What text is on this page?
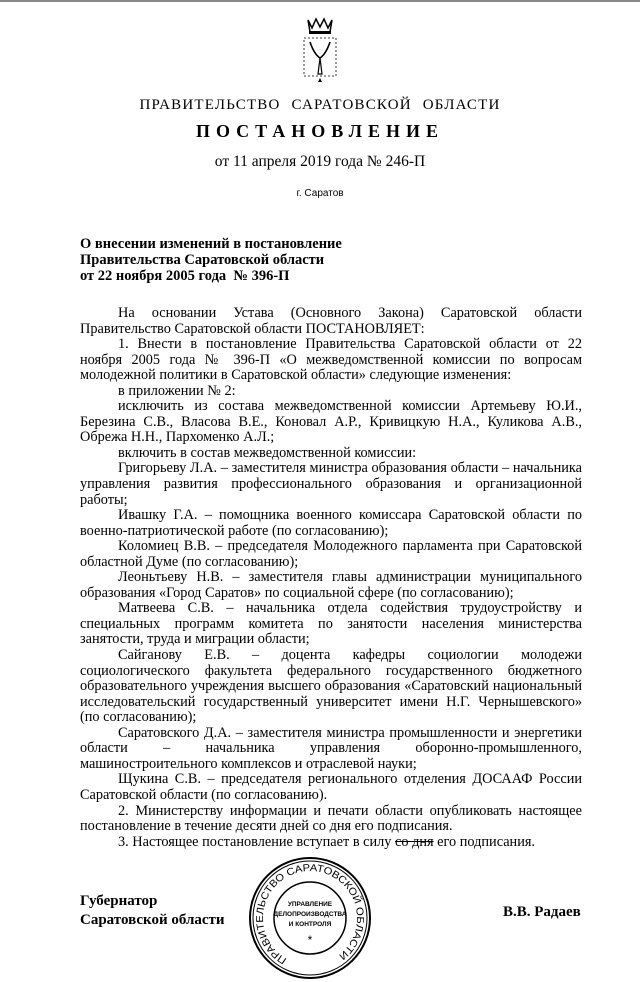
ПРАВИТЕЛЬСТВО САРАТОВСКОЙ ОБЛАСТИ
ПОСТАНОВЛЕНИЕ
от 11 апреля 2019 года № 246-П
г. Саратов
О внесении изменений в постановление
Правительства Саратовской области
от 22 ноября 2005 года  № 396-П

На основании Устава (Основного Закона) Саратовской области Правительство Саратовской области ПОСТАНОВЛЯЕТ:

1. Внести в постановление Правительства Саратовской области от 22 ноября 2005 года № 396-П «О межведомственной комиссии по вопросам молодежной политики в Саратовской области» следующие изменения:

в приложении № 2:

исключить из состава межведомственной комиссии Артемьеву Ю.И., Березина С.В., Власова В.Е., Коновал А.Р., Кривицкую Н.А., Куликова А.В., Обрежа Н.Н., Пархоменко А.Л.;

включить в состав межведомственной комиссии:

Григорьеву Л.А. – заместителя министра образования области – начальника управления развития профессионального образования и организационной работы;

Ивашку Г.А. – помощника военного комиссара Саратовской области по военно-патриотической работе (по согласованию);

Коломиец В.В. – председателя Молодежного парламента при Саратовской областной Думе (по согласованию);

Леоньтьеву Н.В. – заместителя главы администрации муниципального образования «Город Саратов» по социальной сфере (по согласованию);

Матвеева С.В. – начальника отдела содействия трудоустройству и специальных программ комитета по занятости населения министерства занятости, труда и миграции области;

Сайганову Е.В. – доцента кафедры социологии молодежи социологического факультета федерального государственного бюджетного образовательного учреждения высшего образования «Саратовский национальный исследовательский государственный университет имени Н.Г. Чернышевского» (по согласованию);

Саратовского Д.А. – заместителя министра промышленности и энергетики области – начальника управления оборонно-промышленного, машиностроительного комплексов и отраслевой науки;

Щукина С.В. – председателя регионального отделения ДОСААФ России Саратовской области (по согласованию).

2. Министерству информации и печати области опубликовать настоящее постановление в течение десяти дней со дня его подписания.

3. Настоящее постановление вступает в силу со дня его подписания.

Губернатор
Саратовской области
ПРАВИТЕЛЬСТВО САРАТОВСКОЙ ОБЛАСТИ
УПРАВЛЕНИЕ
ДЕЛОПРОИЗВОДСТВА
И КОНТРОЛЯ
*
В.В. Радаев
